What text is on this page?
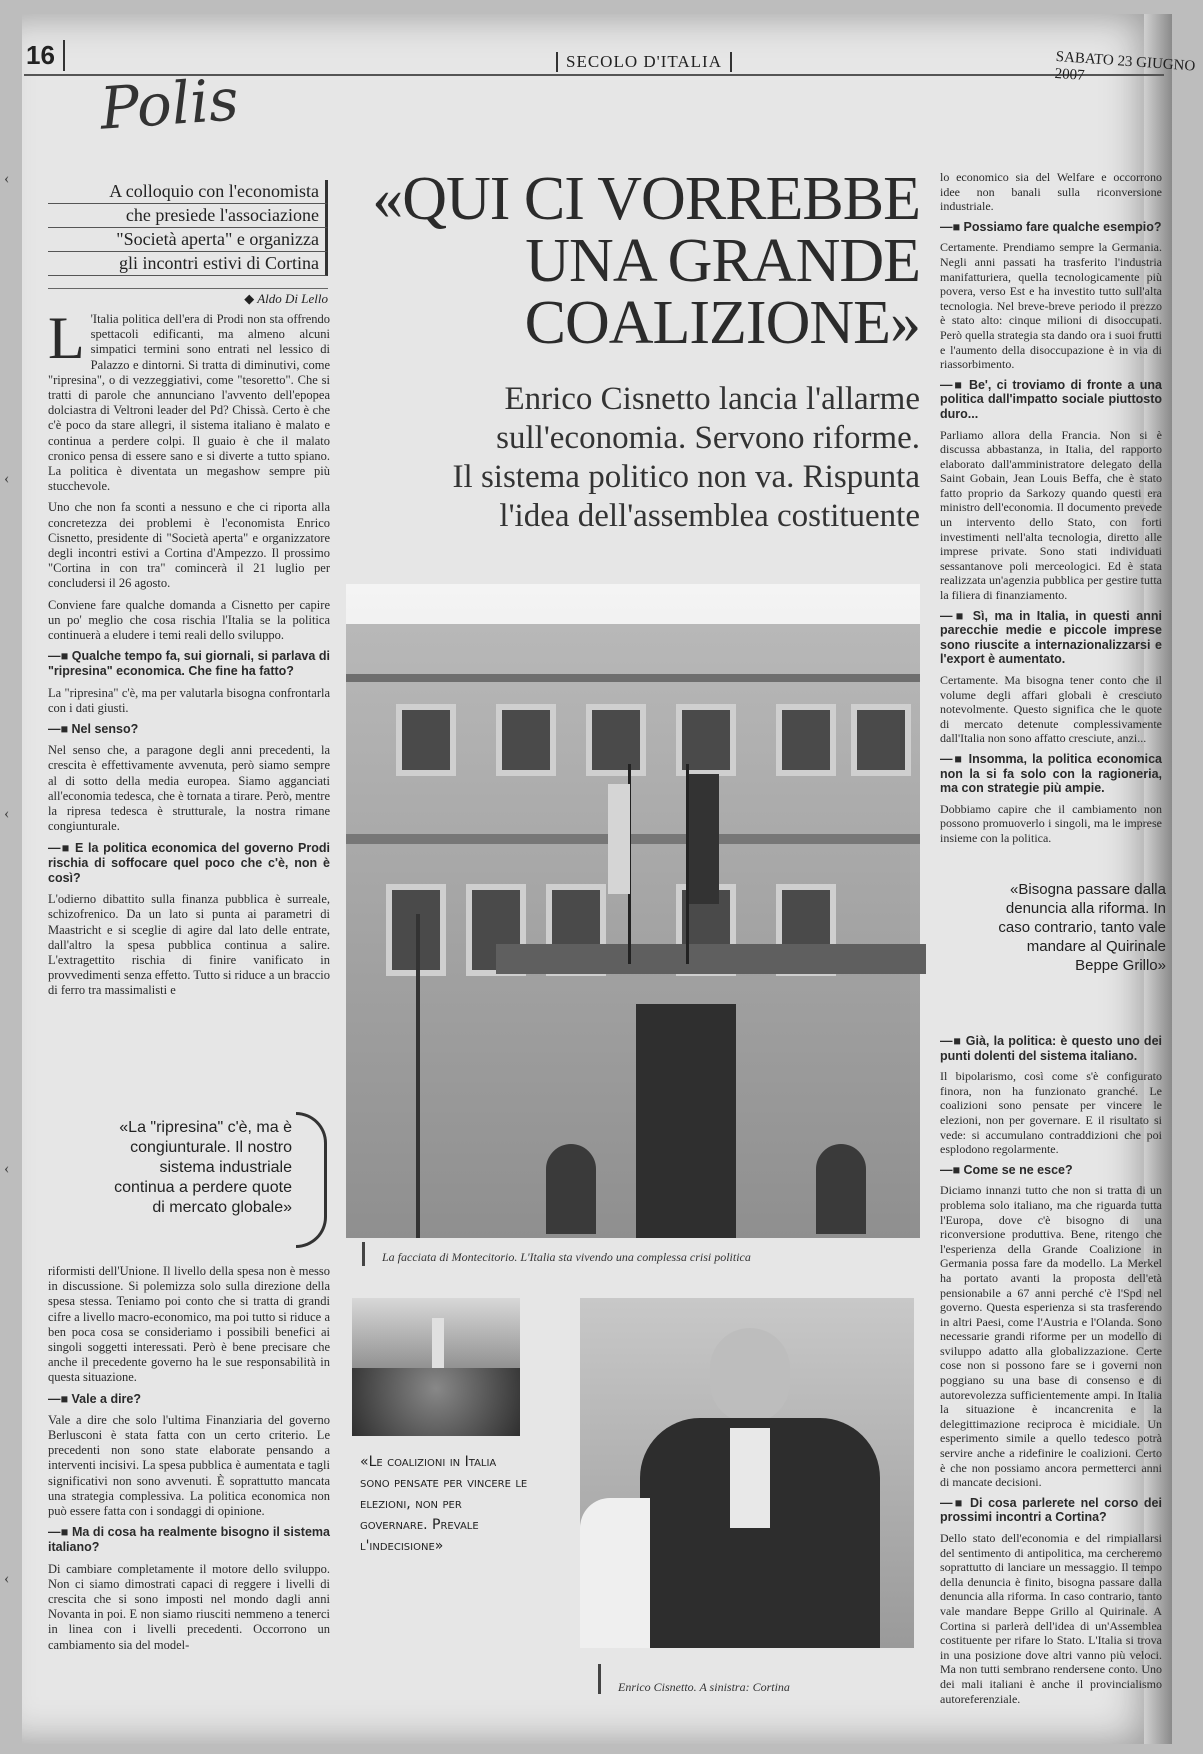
16	SECOLO D'ITALIA	SABATO 23 GIUGNO 2007
Polis
‹
‹
‹
‹
‹
A colloquio con l'economista
che presiede l'associazione
"Società aperta" e organizza
gli incontri estivi di Cortina
◆ Aldo Di Lello

L 'Italia politica dell'era di Prodi non sta offrendo spettacoli edificanti, ma almeno alcuni simpatici termini sono entrati nel lessico di Palazzo e dintorni. Si tratta di diminutivi, come "ripresina", o di vezzeggiativi, come "tesoretto". Che si tratti di parole che annunciano l'avvento dell'epopea dolciastra di Veltroni leader del Pd? Chissà. Certo è che c'è poco da stare allegri, il sistema italiano è malato e continua a perdere colpi. Il guaio è che il malato cronico pensa di essere sano e si diverte a tutto spiano. La politica è diventata un megashow sempre più stucchevole.

Uno che non fa sconti a nessuno e che ci riporta alla concretezza dei problemi è l'economista Enrico Cisnetto, presidente di "Società aperta" e organizzatore degli incontri estivi a Cortina d'Ampezzo. Il prossimo "Cortina in con tra" comincerà il 21 luglio per concludersi il 26 agosto.

Conviene fare qualche domanda a Cisnetto per capire un po' meglio che cosa rischia l'Italia se la politica continuerà a eludere i temi reali dello sviluppo.

—■ Qualche tempo fa, sui giornali, si parlava di "ripresina" economica. Che fine ha fatto?

La "ripresina" c'è, ma per valutarla bisogna confrontarla con i dati giusti.

—■ Nel senso?

Nel senso che, a paragone degli anni precedenti, la crescita è effettivamente avvenuta, però siamo sempre al di sotto della media europea. Siamo agganciati all'economia tedesca, che è tornata a tirare. Però, mentre la ripresa tedesca è strutturale, la nostra rimane congiunturale.

—■ E la politica economica del governo Prodi rischia di soffocare quel poco che c'è, non è così?

L'odierno dibattito sulla finanza pubblica è surreale, schizofrenico. Da un lato si punta ai parametri di Maastricht e si sceglie di agire dal lato delle entrate, dall'altro la spesa pubblica continua a salire. L'extragettito rischia di finire vanificato in provvedimenti senza effetto. Tutto si riduce a un braccio di ferro tra massimalisti e

«La "ripresina" c'è, ma è congiunturale. Il nostro sistema industriale continua a perdere quote di mercato globale»

riformisti dell'Unione. Il livello della spesa non è messo in discussione. Si polemizza solo sulla direzione della spesa stessa. Teniamo poi conto che si tratta di grandi cifre a livello macro-economico, ma poi tutto si riduce a ben poca cosa se consideriamo i possibili benefici ai singoli soggetti interessati. Però è bene precisare che anche il precedente governo ha le sue responsabilità in questa situazione.

—■ Vale a dire?

Vale a dire che solo l'ultima Finanziaria del governo Berlusconi è stata fatta con un certo criterio. Le precedenti non sono state elaborate pensando a interventi incisivi. La spesa pubblica è aumentata e tagli significativi non sono avvenuti. È soprattutto mancata una strategia complessiva. La politica economica non può essere fatta con i sondaggi di opinione.

—■ Ma di cosa ha realmente bisogno il sistema italiano?

Di cambiare completamente il motore dello sviluppo. Non ci siamo dimostrati capaci di reggere i livelli di crescita che si sono imposti nel mondo dagli anni Novanta in poi. E non siamo riusciti nemmeno a tenerci in linea con i livelli precedenti. Occorrono un cambiamento sia del model-

«QUI CI VORREBBE
UNA GRANDE
COALIZIONE»
Enrico Cisnetto lancia l'allarme
sull'economia. Servono riforme.
Il sistema politico non va. Rispunta
l'idea dell'assemblea costituente
La facciata di Montecitorio. L'Italia sta vivendo una complessa crisi politica
«Le coalizioni in Italia sono pensate per vincere le elezioni, non per governare. Prevale l'indecisione»
Enrico Cisnetto. A sinistra: Cortina

lo economico sia del Welfare e occorrono idee non banali sulla riconversione industriale.

—■ Possiamo fare qualche esempio?

Certamente. Prendiamo sempre la Germania. Negli anni passati ha trasferito l'industria manifatturiera, quella tecnologicamente più povera, verso Est e ha investito tutto sull'alta tecnologia. Nel breve-breve periodo il prezzo è stato alto: cinque milioni di disoccupati. Però quella strategia sta dando ora i suoi frutti e l'aumento della disoccupazione è in via di riassorbimento.

—■ Be', ci troviamo di fronte a una politica dall'impatto sociale piuttosto duro...

Parliamo allora della Francia. Non si è discussa abbastanza, in Italia, del rapporto elaborato dall'amministratore delegato della Saint Gobain, Jean Louis Beffa, che è stato fatto proprio da Sarkozy quando questi era ministro dell'economia. Il documento prevede un intervento dello Stato, con forti investimenti nell'alta tecnologia, diretto alle imprese private. Sono stati individuati sessantanove poli merceologici. Ed è stata realizzata un'agenzia pubblica per gestire tutta la filiera di finanziamento.

—■ Sì, ma in Italia, in questi anni parecchie medie e piccole imprese sono riuscite a internazionalizzarsi e l'export è aumentato.

Certamente. Ma bisogna tener conto che il volume degli affari globali è cresciuto notevolmente. Questo significa che le quote di mercato detenute complessivamente dall'Italia non sono affatto cresciute, anzi...

—■ Insomma, la politica economica non la si fa solo con la ragioneria, ma con strategie più ampie.

Dobbiamo capire che il cambiamento non possono promuoverlo i singoli, ma le imprese insieme con la politica.

«Bisogna passare dalla denuncia alla riforma. In caso contrario, tanto vale mandare al Quirinale Beppe Grillo»

—■ Già, la politica: è questo uno dei punti dolenti del sistema italiano.

Il bipolarismo, così come s'è configurato finora, non ha funzionato granché. Le coalizioni sono pensate per vincere le elezioni, non per governare. E il risultato si vede: si accumulano contraddizioni che poi esplodono regolarmente.

—■ Come se ne esce?

Diciamo innanzi tutto che non si tratta di un problema solo italiano, ma che riguarda tutta l'Europa, dove c'è bisogno di una riconversione produttiva. Bene, ritengo che l'esperienza della Grande Coalizione in Germania possa fare da modello. La Merkel ha portato avanti la proposta dell'età pensionabile a 67 anni perché c'è l'Spd nel governo. Questa esperienza si sta trasferendo in altri Paesi, come l'Austria e l'Olanda. Sono necessarie grandi riforme per un modello di sviluppo adatto alla globalizzazione. Certe cose non si possono fare se i governi non poggiano su una base di consenso e di autorevolezza sufficientemente ampi. In Italia la situazione è incancrenita e la delegittimazione reciproca è micidiale. Un esperimento simile a quello tedesco potrà servire anche a ridefinire le coalizioni. Certo è che non possiamo ancora permetterci anni di mancate decisioni.

—■ Di cosa parlerete nel corso dei prossimi incontri a Cortina?

Dello stato dell'economia e del rimpiallarsi del sentimento di antipolitica, ma cercheremo soprattutto di lanciare un messaggio. Il tempo della denuncia è finito, bisogna passare dalla denuncia alla riforma. In caso contrario, tanto vale mandare Beppe Grillo al Quirinale. A Cortina si parlerà dell'idea di un'Assemblea costituente per rifare lo Stato. L'Italia si trova in una posizione dove altri vanno più veloci. Ma non tutti sembrano rendersene conto. Uno dei mali italiani è anche il provincialismo autoreferenziale.
